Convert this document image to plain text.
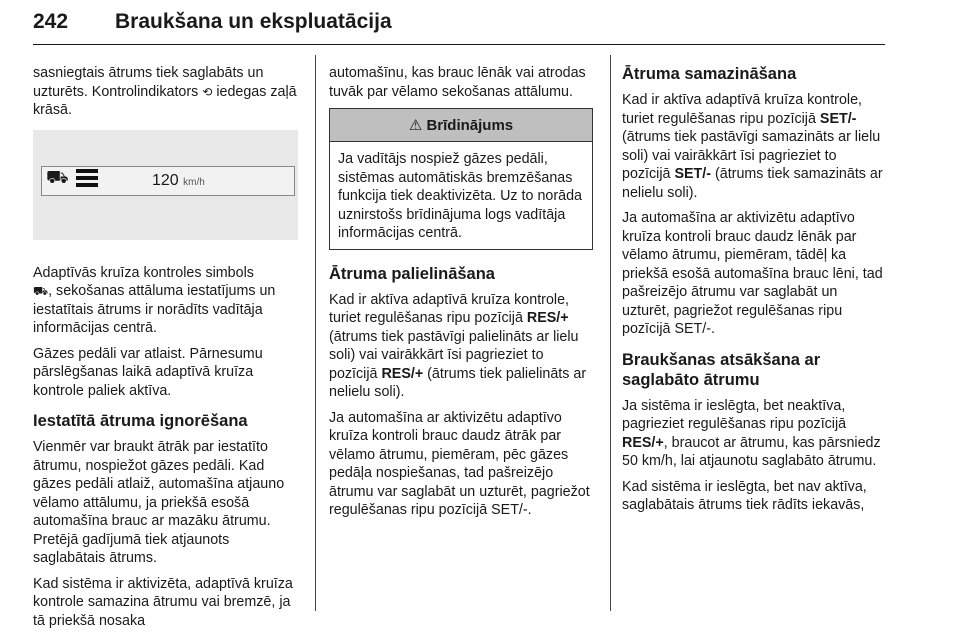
242 Braukšana un ekspluatācija

sasniegtais ātrums tiek saglabāts un uzturēts. Kontrolindikators ⟲ iedegas zaļā krāsā.

⛟	120 km/h

Adaptīvās kruīza kontroles simbols
⛟, sekošanas attāluma iestatījums un iestatītais ātrums ir norādīts vadītāja informācijas centrā.

Gāzes pedāli var atlaist. Pārnesumu pārslēgšanas laikā adaptīvā kruīza kontrole paliek aktīva.

Iestatītā ātruma ignorēšana

Vienmēr var braukt ātrāk par iestatīto ātrumu, nospiežot gāzes pedāli. Kad gāzes pedāli atlaiž, automašīna atjauno vēlamo attālumu, ja priekšā esošā automašīna brauc ar mazāku ātrumu. Pretējā gadījumā tiek atjaunots saglabātais ātrums.

Kad sistēma ir aktivizēta, adaptīvā kruīza kontrole samazina ātrumu vai bremzē, ja tā priekšā nosaka

automašīnu, kas brauc lēnāk vai atrodas tuvāk par vēlamo sekošanas attālumu.

⚠ Brīdinājums
Ja vadītājs nospiež gāzes pedāli, sistēmas automātiskās bremzēšanas funkcija tiek deaktivizēta. Uz to norāda uznirstošs brīdinājuma logs vadītāja informācijas centrā.
Ātruma palielināšana

Kad ir aktīva adaptīvā kruīza kontrole, turiet regulēšanas ripu pozīcijā RES/+ (ātrums tiek pastāvīgi palielināts ar lielu soli) vai vairākkārt īsi pagrieziet to pozīcijā RES/+ (ātrums tiek palielināts ar nelielu soli).

Ja automašīna ar aktivizētu adaptīvo kruīza kontroli brauc daudz ātrāk par vēlamo ātrumu, piemēram, pēc gāzes pedāļa nospiešanas, tad pašreizējo ātrumu var saglabāt un uzturēt, pagriežot regulēšanas ripu pozīcijā SET/-.

Ātruma samazināšana

Kad ir aktīva adaptīvā kruīza kontrole, turiet regulēšanas ripu pozīcijā SET/- (ātrums tiek pastāvīgi samazināts ar lielu soli) vai vairākkārt īsi pagrieziet to pozīcijā SET/- (ātrums tiek samazināts ar nelielu soli).

Ja automašīna ar aktivizētu adaptīvo kruīza kontroli brauc daudz lēnāk par vēlamo ātrumu, piemēram, tādēļ ka priekšā esošā automašīna brauc lēni, tad pašreizējo ātrumu var saglabāt un uzturēt, pagriežot regulēšanas ripu pozīcijā SET/-.

Braukšanas atsākšana ar saglabāto ātrumu

Ja sistēma ir ieslēgta, bet neaktīva, pagrieziet regulēšanas ripu pozīcijā RES/+, braucot ar ātrumu, kas pārsniedz 50 km/h, lai atjaunotu saglabāto ātrumu.

Kad sistēma ir ieslēgta, bet nav aktīva, saglabātais ātrums tiek rādīts iekavās,
